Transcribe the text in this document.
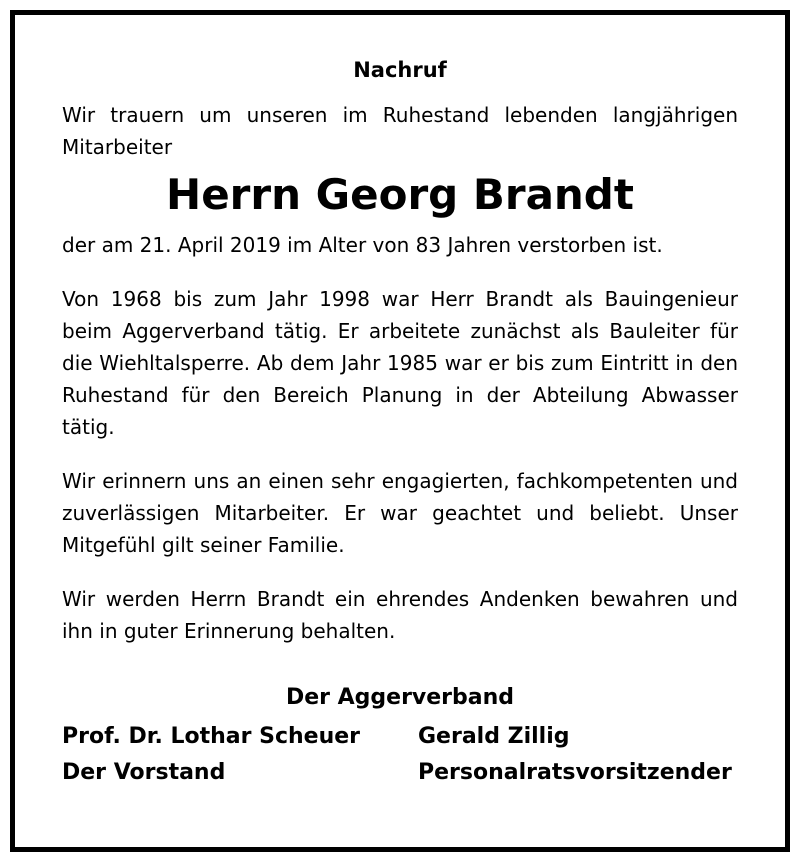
Nachruf

Wir trauern um unseren im Ruhestand lebenden langjährigen Mitarbeiter

Herrn Georg Brandt

der am 21. April 2019 im Alter von 83 Jahren verstorben ist.

Von 1968 bis zum Jahr 1998 war Herr Brandt als Bauingenieur beim Aggerverband tätig. Er arbeitete zunächst als Bauleiter für die Wiehltalsperre. Ab dem Jahr 1985 war er bis zum Eintritt in den Ruhestand für den Bereich Planung in der Abteilung Abwasser tätig.

Wir erinnern uns an einen sehr engagierten, fachkompetenten und zuverlässigen Mitarbeiter. Er war geachtet und beliebt. Unser Mitgefühl gilt seiner Familie.

Wir werden Herrn Brandt ein ehrendes Andenken bewahren und ihn in guter Erinnerung behalten.

Der Aggerverband
Prof. Dr. Lothar Scheuer
Der Vorstand
Gerald Zillig
Personalratsvorsitzender
